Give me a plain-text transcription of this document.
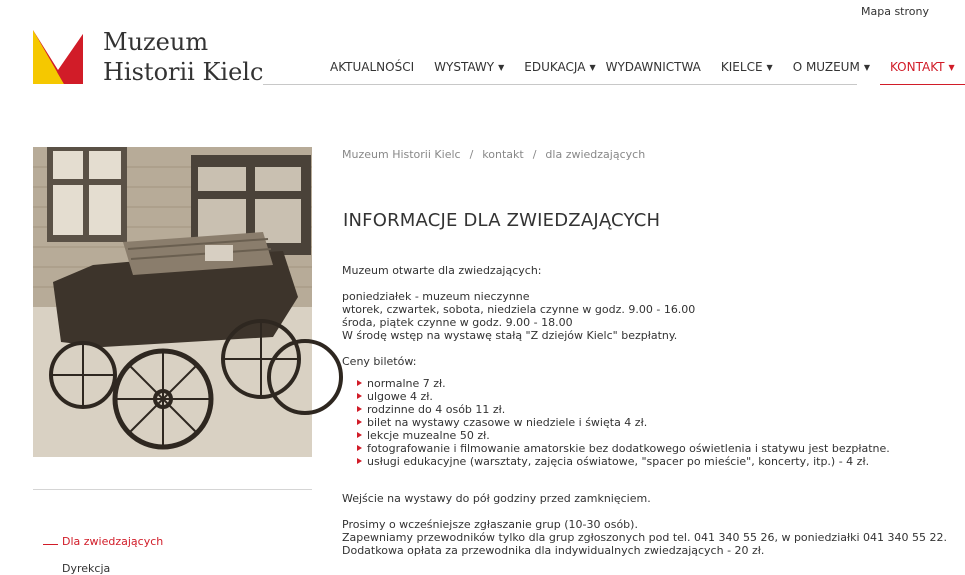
Mapa strony
Muzeum
Historii Kielc	AKTUALNOŚCI WYSTAWY ▼ EDUKACJA ▼ WYDAWNICTWA KIELCE ▼ O MUZEUM ▼ KONTAKT ▼
Dla zwiedzających
Dyrekcja
Muzeum Historii Kielc / kontakt / dla zwiedzających
INFORMACJE DLA ZWIEDZAJĄCYCH
Muzeum otwarte dla zwiedzających:
poniedziałek - muzeum nieczynne
wtorek, czwartek, sobota, niedziela czynne w godz. 9.00 - 16.00
środa, piątek czynne w godz. 9.00 - 18.00
W środę wstęp na wystawę stałą "Z dziejów Kielc" bezpłatny.
Ceny biletów:
normalne 7 zł.
ulgowe 4 zł.
rodzinne do 4 osób 11 zł.
bilet na wystawy czasowe w niedziele i święta 4 zł.
lekcje muzealne 50 zł.
fotografowanie i filmowanie amatorskie bez dodatkowego oświetlenia i statywu jest bezpłatne.
usługi edukacyjne (warsztaty, zajęcia oświatowe, "spacer po mieście", koncerty, itp.) - 4 zł.
Wejście na wystawy do pół godziny przed zamknięciem.
Prosimy o wcześniejsze zgłaszanie grup (10-30 osób).
Zapewniamy przewodników tylko dla grup zgłoszonych pod tel. 041 340 55 26, w poniedziałki 041 340 55 22.
Dodatkowa opłata za przewodnika dla indywidualnych zwiedzających - 20 zł.
